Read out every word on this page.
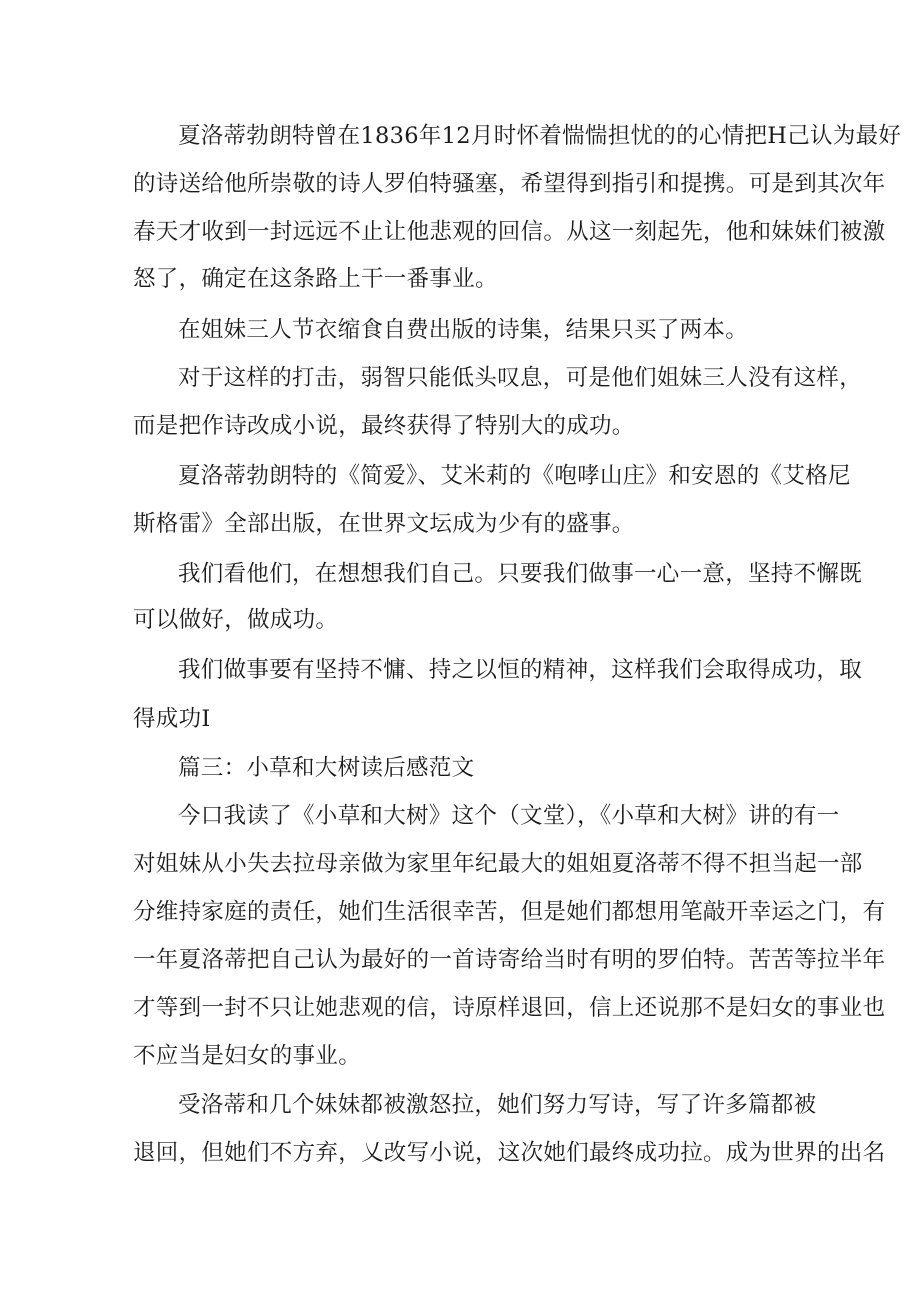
夏洛蒂勃朗特曾在1836年12月时怀着惴惴担忧的的心情把H己认为最好
的诗送给他所崇敬的诗人罗伯特骚塞，希望得到指引和提携。可是到其次年
春天才收到一封远远不止让他悲观的回信。从这一刻起先，他和妹妹们被激
怒了，确定在这条路上干一番事业。
在姐妹三人节衣缩食自费出版的诗集，结果只买了两本。
对于这样的打击，弱智只能低头叹息，可是他们姐妹三人没有这样，
而是把作诗改成小说，最终获得了特别大的成功。
夏洛蒂勃朗特的《简爱》、艾米莉的《咆哮山庄》和安恩的《艾格尼
斯格雷》全部出版，在世界文坛成为少有的盛事。
我们看他们，在想想我们自己。只要我们做事一心一意，坚持不懈既
可以做好，做成功。
我们做事要有坚持不慵、持之以恒的精神，这样我们会取得成功，取
得成功I
篇三：小草和大树读后感范文
今口我读了《小草和大树》这个（文堂），《小草和大树》讲的有一
对姐妹从小失去拉母亲做为家里年纪最大的姐姐夏洛蒂不得不担当起一部
分维持家庭的责任，她们生活很幸苦，但是她们都想用笔敲开幸运之门，有
一年夏洛蒂把自己认为最好的一首诗寄给当时有明的罗伯特。苦苦等拉半年
才等到一封不只让她悲观的信，诗原样退回，信上还说那不是妇女的事业也
不应当是妇女的事业。
受洛蒂和几个妹妹都被激怒拉，她们努力写诗，写了许多篇都被
退回，但她们不方弃，乂改写小说，这次她们最终成功拉。成为世界的出名
